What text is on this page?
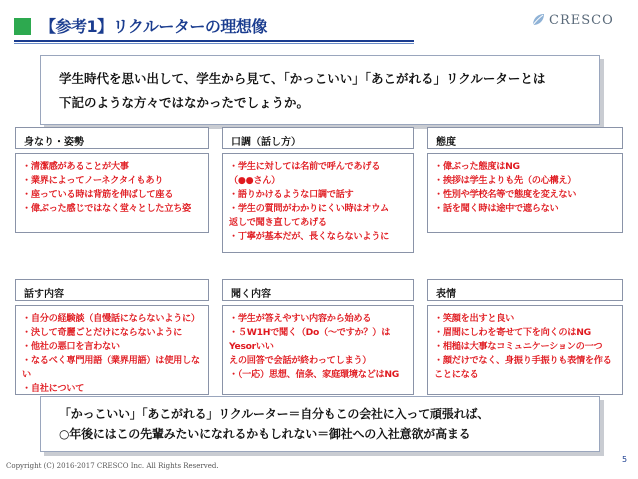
【参考1】リクルーターの理想像	CRESCO

学生時代を思い出して、学生から見て、「かっこいい」「あこがれる」リクルーターとは

下記のような方々ではなかったでしょうか。

身なり・姿勢
・清潔感があることが大事
・業界によってノーネクタイもあり
・座っている時は背筋を伸ばして座る
・偉ぶった感じではなく堂々とした立ち姿
口調（話し方）
・学生に対しては名前で呼んであげる
（●●さん）
・語りかけるような口調で話す
・学生の質問がわかりにくい時はオウム
返しで聞き直してあげる
・丁寧が基本だが、長くならないように
態度
・偉ぶった態度はNG
・挨拶は学生よりも先（の心構え）
・性別や学校名等で態度を変えない
・話を聞く時は途中で遮らない
話す内容
・自分の経験談（自慢話にならないように）
・決して奇麗ごとだけにならないように
・他社の悪口を言わない
・なるべく専門用語（業界用語）は使用しない
・自社について
聞く内容
・学生が答えやすい内容から始める
・５W1Hで聞く（Do（～ですか？）はYesorいい
えの回答で会話が終わってしまう）
・（一応）思想、信条、家庭環境などはNG
表情
・笑顔を出すと良い
・眉間にしわを寄せて下を向くのはNG
・相槌は大事なコミュニケーションの一つ
・顔だけでなく、身振り手振りも表情を作る
ことになる

「かっこいい」「あこがれる」リクルーター＝自分もこの会社に入って頑張れば、

○年後にはこの先輩みたいになれるかもしれない＝御社への入社意欲が高まる

Copyright (C) 2016-2017 CRESCO Inc. All Rights Reserved.
5
